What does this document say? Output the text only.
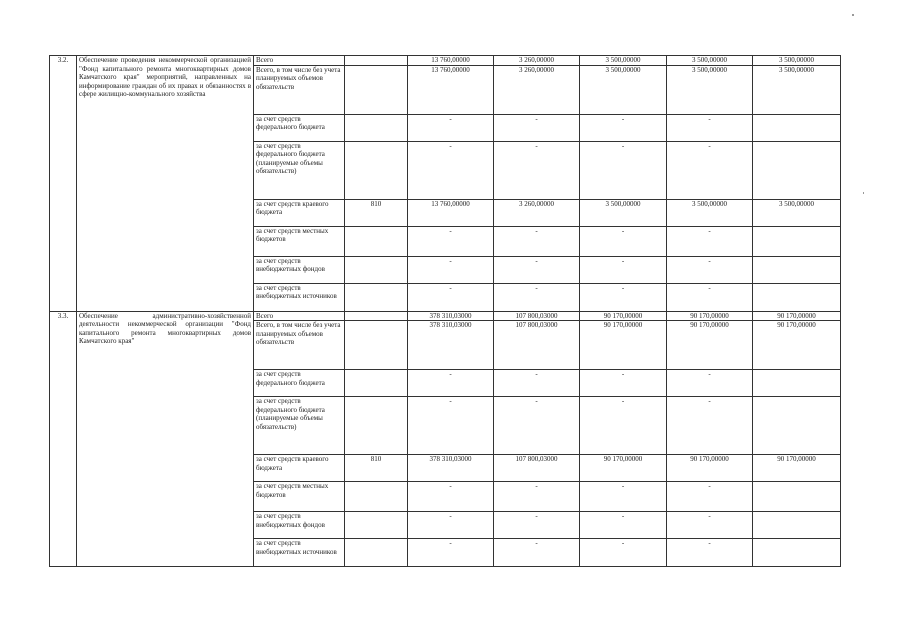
3.2.	Обеспечение проведения некоммерческой организацией "Фонд капитального ремонта многоквартирных домов Камчатского края" мероприятий, направленных на информирование граждан об их правах и обязанностях в сфере жилищно-коммунального хозяйства	Всего		13 760,00000	3 260,00000	3 500,00000	3 500,00000	3 500,00000
		Всего, в том числе без учета планируемых объемов обязательств		13 760,00000	3 260,00000	3 500,00000	3 500,00000	3 500,00000
		за счет средств федерального бюджета		-	-	-	-	
		за счет средств федерального бюджета (планируемые объемы обязательств)		-	-	-	-	
		за счет средств краевого бюджета	810	13 760,00000	3 260,00000	3 500,00000	3 500,00000	3 500,00000
		за счет средств местных бюджетов		-	-	-	-	
		за счет средств внебюджетных фондов		-	-	-	-	
		за счет средств внебюджетных источников		-	-	-	-	
3.3.	Обеспечение административно-хозяйственной деятельности некоммерческой организации "Фонд капитального ремонта многоквартирных домов Камчатского края"	Всего		378 310,03000	107 800,03000	90 170,00000	90 170,00000	90 170,00000
		Всего, в том числе без учета планируемых объемов обязательств		378 310,03000	107 800,03000	90 170,00000	90 170,00000	90 170,00000
		за счет средств федерального бюджета		-	-	-	-	
		за счет средств федерального бюджета (планируемые объемы обязательств)		-	-	-	-	
		за счет средств краевого бюджета	810	378 310,03000	107 800,03000	90 170,00000	90 170,00000	90 170,00000
		за счет средств местных бюджетов		-	-	-	-	
		за счет средств внебюджетных фондов		-	-	-	-	
		за счет средств внебюджетных источников		-	-	-	-	
